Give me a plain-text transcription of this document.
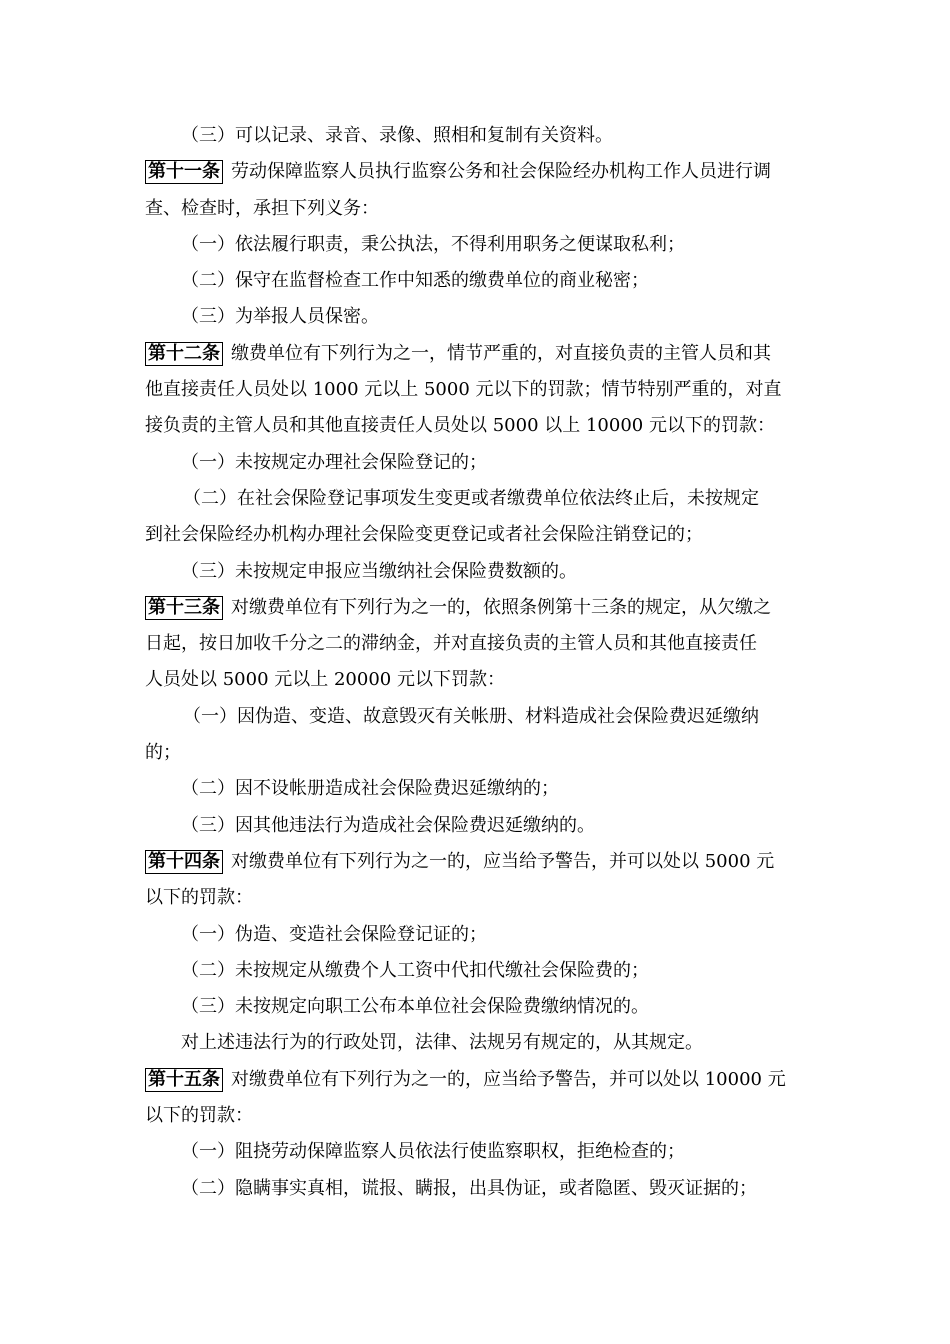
（三）可以记录、录音、录像、照相和复制有关资料。

第十一条 劳动保障监察人员执行监察公务和社会保险经办机构工作人员进行调
查、检查时，承担下列义务：

（一）依法履行职责，秉公执法，不得利用职务之便谋取私利；

（二）保守在监督检查工作中知悉的缴费单位的商业秘密；

（三）为举报人员保密。

第十二条 缴费单位有下列行为之一，情节严重的，对直接负责的主管人员和其
他直接责任人员处以 1000 元以上 5000 元以下的罚款；情节特别严重的，对直
接负责的主管人员和其他直接责任人员处以 5000 以上 10000 元以下的罚款：

（一）未按规定办理社会保险登记的；

（二）在社会保险登记事项发生变更或者缴费单位依法终止后，未按规定
到社会保险经办机构办理社会保险变更登记或者社会保险注销登记的；

（三）未按规定申报应当缴纳社会保险费数额的。

第十三条 对缴费单位有下列行为之一的，依照条例第十三条的规定，从欠缴之
日起，按日加收千分之二的滞纳金，并对直接负责的主管人员和其他直接责任
人员处以 5000 元以上 20000 元以下罚款：

（一）因伪造、变造、故意毁灭有关帐册、材料造成社会保险费迟延缴纳
的；

（二）因不设帐册造成社会保险费迟延缴纳的；

（三）因其他违法行为造成社会保险费迟延缴纳的。

第十四条 对缴费单位有下列行为之一的，应当给予警告，并可以处以 5000 元
以下的罚款：

（一）伪造、变造社会保险登记证的；

（二）未按规定从缴费个人工资中代扣代缴社会保险费的；

（三）未按规定向职工公布本单位社会保险费缴纳情况的。

对上述违法行为的行政处罚，法律、法规另有规定的，从其规定。

第十五条 对缴费单位有下列行为之一的，应当给予警告，并可以处以 10000 元
以下的罚款：

（一）阻挠劳动保障监察人员依法行使监察职权，拒绝检查的；

（二）隐瞒事实真相，谎报、瞒报，出具伪证，或者隐匿、毁灭证据的；
